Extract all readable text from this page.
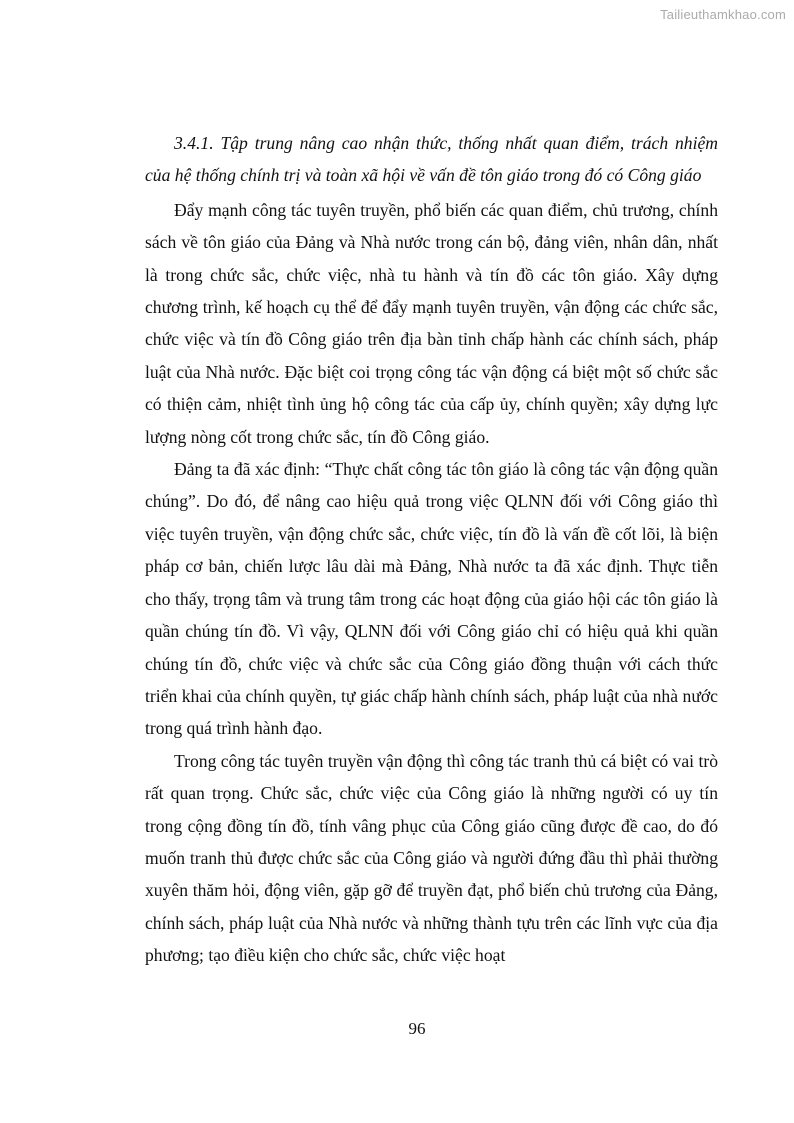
Tailieuthamkhao.com

3.4.1. Tập trung nâng cao nhận thức, thống nhất quan điểm, trách nhiệm của hệ thống chính trị và toàn xã hội về vấn đề tôn giáo trong đó có Công giáo

Đẩy mạnh công tác tuyên truyền, phổ biến các quan điểm, chủ trương, chính sách về tôn giáo của Đảng và Nhà nước trong cán bộ, đảng viên, nhân dân, nhất là trong chức sắc, chức việc, nhà tu hành và tín đồ các tôn giáo. Xây dựng chương trình, kế hoạch cụ thể để đẩy mạnh tuyên truyền, vận động các chức sắc, chức việc và tín đồ Công giáo trên địa bàn tỉnh chấp hành các chính sách, pháp luật của Nhà nước. Đặc biệt coi trọng công tác vận động cá biệt một số chức sắc có thiện cảm, nhiệt tình ủng hộ công tác của cấp ủy, chính quyền; xây dựng lực lượng nòng cốt trong chức sắc, tín đồ Công giáo.

Đảng ta đã xác định: “Thực chất công tác tôn giáo là công tác vận động quần chúng”. Do đó, để nâng cao hiệu quả trong việc QLNN đối với Công giáo thì việc tuyên truyền, vận động chức sắc, chức việc, tín đồ là vấn đề cốt lõi, là biện pháp cơ bản, chiến lược lâu dài mà Đảng, Nhà nước ta đã xác định. Thực tiễn cho thấy, trọng tâm và trung tâm trong các hoạt động của giáo hội các tôn giáo là quần chúng tín đồ. Vì vậy, QLNN đối với Công giáo chỉ có hiệu quả khi quần chúng tín đồ, chức việc và chức sắc của Công giáo đồng thuận với cách thức triển khai của chính quyền, tự giác chấp hành chính sách, pháp luật của nhà nước trong quá trình hành đạo.

Trong công tác tuyên truyền vận động thì công tác tranh thủ cá biệt có vai trò rất quan trọng. Chức sắc, chức việc của Công giáo là những người có uy tín trong cộng đồng tín đồ, tính vâng phục của Công giáo cũng được đề cao, do đó muốn tranh thủ được chức sắc của Công giáo và người đứng đầu thì phải thường xuyên thăm hỏi, động viên, gặp gỡ để truyền đạt, phổ biến chủ trương của Đảng, chính sách, pháp luật của Nhà nước và những thành tựu trên các lĩnh vực của địa phương; tạo điều kiện cho chức sắc, chức việc hoạt

96
